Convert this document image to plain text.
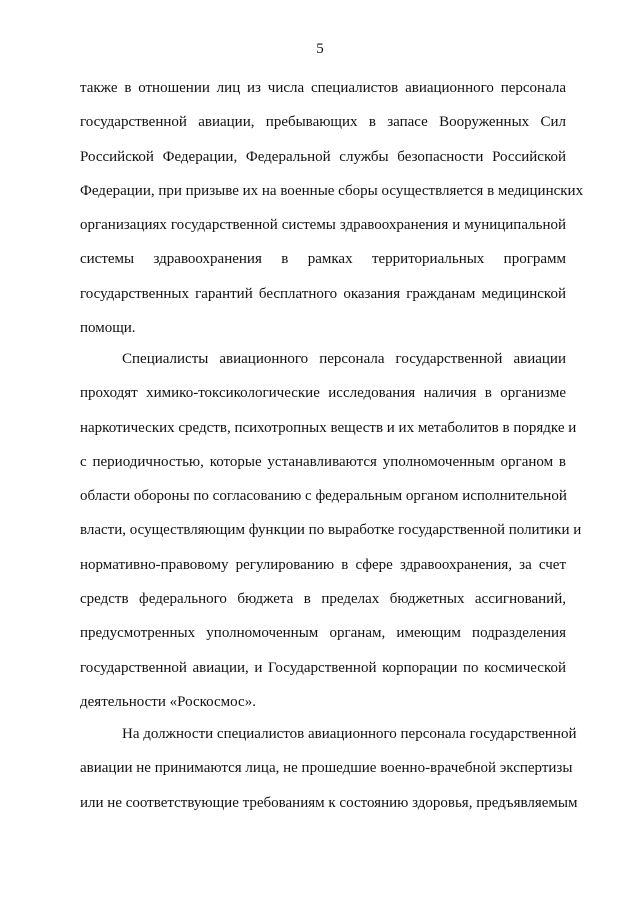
5
также в отношении лиц из числа специалистов авиационного персонала
государственной авиации, пребывающих в запасе Вооруженных Сил
Российской Федерации, Федеральной службы безопасности Российской
Федерации, при призыве их на военные сборы осуществляется в медицинских
организациях государственной системы здравоохранения и муниципальной
системы здравоохранения в рамках территориальных программ
государственных гарантий бесплатного оказания гражданам медицинской
помощи.
Специалисты авиационного персонала государственной авиации
проходят химико-токсикологические исследования наличия в организме
наркотических средств, психотропных веществ и их метаболитов в порядке и
с периодичностью, которые устанавливаются уполномоченным органом в
области обороны по согласованию с федеральным органом исполнительной
власти, осуществляющим функции по выработке государственной политики и
нормативно-правовому регулированию в сфере здравоохранения, за счет
средств федерального бюджета в пределах бюджетных ассигнований,
предусмотренных уполномоченным органам, имеющим подразделения
государственной авиации, и Государственной корпорации по космической
деятельности «Роскосмос».
На должности специалистов авиационного персонала государственной
авиации не принимаются лица, не прошедшие военно-врачебной экспертизы
или не соответствующие требованиям к состоянию здоровья, предъявляемым
